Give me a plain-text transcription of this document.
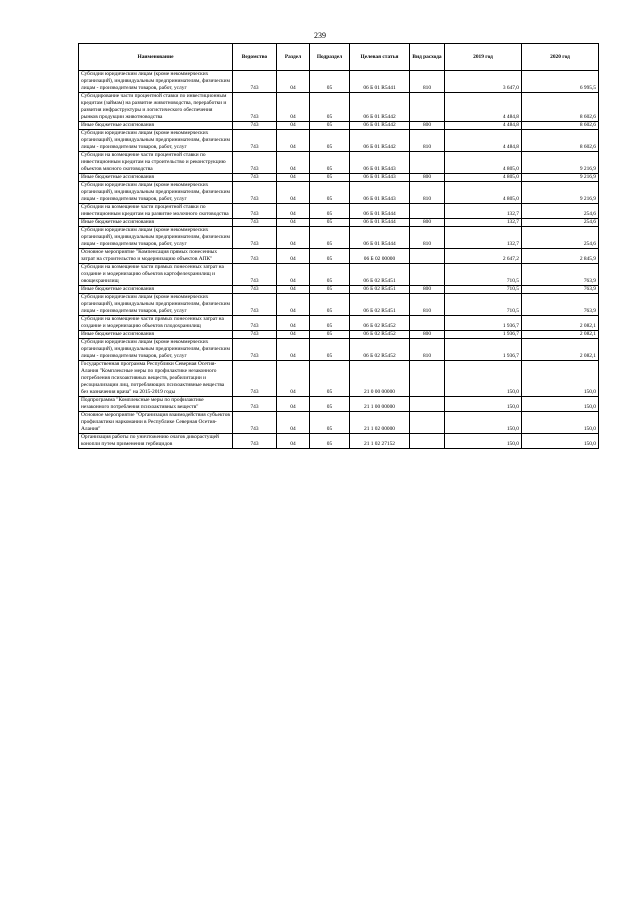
239
Наименование	Ведомство	Раздел	Подраздел	Целевая статья	Вид расхода	2019 год	2020 год
Субсидии юридическим лицам (кроме некоммерческих организаций), индивидуальным предпринимателям, физическим лицам - производителям товаров, работ, услуг	743	04	05	06 Б 01 R5441	810	3 647,0	6 995,5
Субсидирование части процентной ставки по инвестиционным кредитам (займам) на развитие животноводства, переработки и развития инфраструктуры и логистического обеспечения рынков продукции животноводства	743	04	05	06 Б 01 R5442		4 484,8	8 602,6
Иные бюджетные ассигнования	743	04	05	06 Б 01 R5442	800	4 484,8	8 602,6
Субсидии юридическим лицам (кроме некоммерческих организаций), индивидуальным предпринимателям, физическим лицам - производителям товаров, работ, услуг	743	04	05	06 Б 01 R5442	810	4 484,8	8 602,6
Субсидии на возмещение части процентной ставки по инвестиционным кредитам на строительство и реконструкцию объектов мясного скотоводства	743	04	05	06 Б 01 R5443		4 805,0	9 216,9
Иные бюджетные ассигнования	743	04	05	06 Б 01 R5443	800	4 805,0	9 216,9
Субсидии юридическим лицам (кроме некоммерческих организаций), индивидуальным предпринимателям, физическим лицам - производителям товаров, работ, услуг	743	04	05	06 Б 01 R5443	810	4 805,0	9 216,9
Субсидии на возмещение части процентной ставки по инвестиционным кредитам на развитие молочного скотоводства	743	04	05	06 Б 01 R5444		132,7	254,6
Иные бюджетные ассигнования	743	04	05	06 Б 01 R5444	800	132,7	254,6
Субсидии юридическим лицам (кроме некоммерческих организаций), индивидуальным предпринимателям, физическим лицам - производителям товаров, работ, услуг	743	04	05	06 Б 01 R5444	810	132,7	254,6
Основное мероприятие "Компенсация прямых понесенных затрат на строительство и модернизацию объектов АПК"	743	04	05	06 Б 02 00000		2 647,2	2 845,9
Субсидии на возмещение части прямых понесенных затрат на создание и модернизацию объектов картофелехранилищ и овощехранилищ	743	04	05	06 Б 02 R5451		710,5	763,9
Иные бюджетные ассигнования	743	04	05	06 Б 02 R5451	800	710,5	763,9
Субсидии юридическим лицам (кроме некоммерческих организаций), индивидуальным предпринимателям, физическим лицам - производителям товаров, работ, услуг	743	04	05	06 Б 02 R5451	810	710,5	763,9
Субсидии на возмещение части прямых понесенных затрат на создание и модернизацию объектов плодохранилищ	743	04	05	06 Б 02 R5452		1 936,7	2 082,1
Иные бюджетные ассигнования	743	04	05	06 Б 02 R5452	800	1 936,7	2 082,1
Субсидии юридическим лицам (кроме некоммерческих организаций), индивидуальным предпринимателям, физическим лицам - производителям товаров, работ, услуг	743	04	05	06 Б 02 R5452	810	1 936,7	2 082,1
Государственная программа Республики Северная Осетия-Алания "Комплексные меры по профилактике незаконного потребления психоактивных веществ, реабилитации и ресоциализации лиц, потребляющих психоактивные вещества без назначения врача" на 2015-2019 годы	743	04	05	21 0 00 00000		150,0	150,0
Подпрограмма "Комплексные меры по профилактике незаконного потребления психоактивных веществ"	743	04	05	21 1 00 00000		150,0	150,0
Основное мероприятие "Организация взаимодействия субъектов профилактики наркомании в Республике Северная Осетия-Алания"	743	04	05	21 1 02 00000		150,0	150,0
Организация работы по уничтожению очагов дикорастущей конопли путем применения гербицидов	743	04	05	21 1 02 27152		150,0	150,0
